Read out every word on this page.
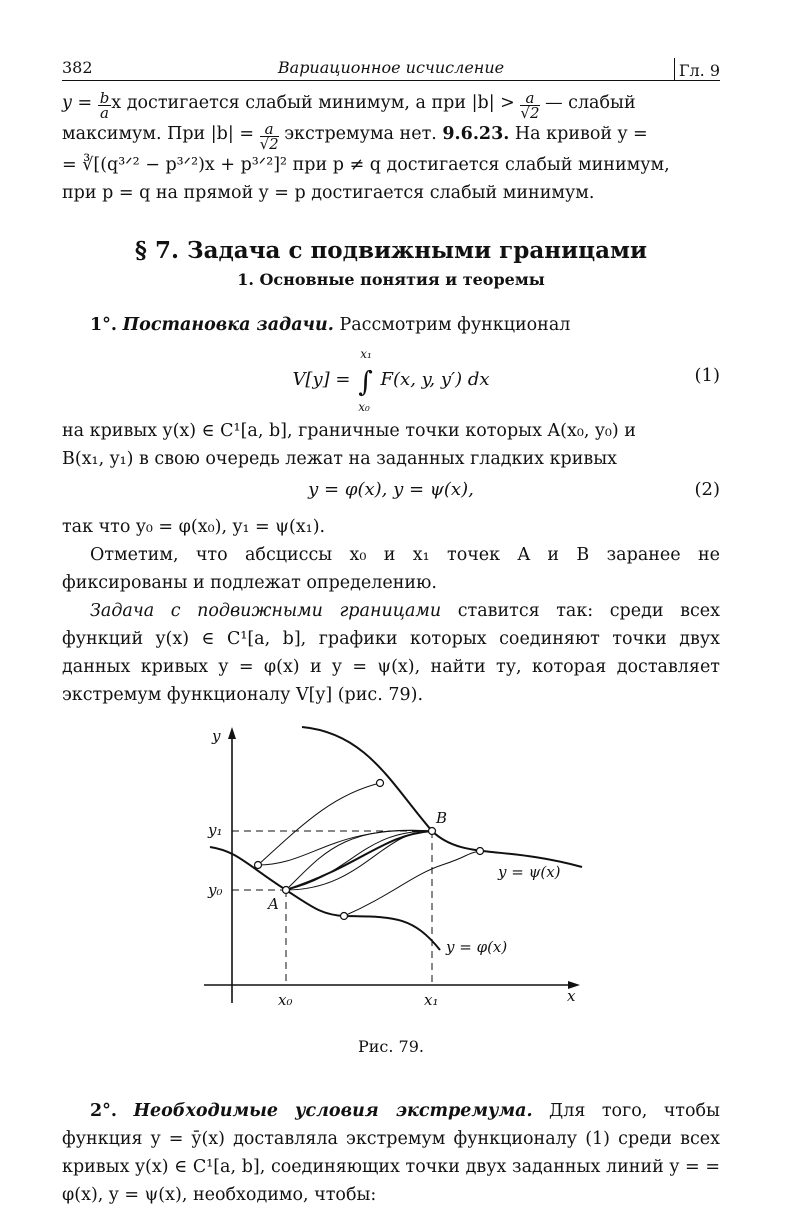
382	Вариационное исчисление	Гл. 9

$y = \frac{b}{a}$ x достигается слабый минимум, а при $|b| > \frac{a}{√2}$ — слабый
максимум. При $|b| = \frac{a}{√2}$ экстремума нет. 9.6.23. На кривой y =
= ∛[(q³ᐟ² − p³ᐟ²)x + p³ᐟ²]² при p ≠ q достигается слабый минимум,
при p = q на прямой y = p достигается слабый минимум.

§ 7. Задача с подвижными границами
1. Основные понятия и теоремы

1°. Постановка задачи. Рассмотрим функционал

V[y] = ∫
x₁
x₀
F(x, y, y′) dx	(1)

на кривых y(x) ∈ C¹[a, b], граничные точки которых A(x₀, y₀) и
B(x₁, y₁) в свою очередь лежат на заданных гладких кривых

y = φ(x), y = ψ(x),	(2)

так что y₀ = φ(x₀), y₁ = ψ(x₁).

Отметим, что абсциссы x₀ и x₁ точек A и B заранее не фиксированы и подлежат определению.

Задача с подвижными границами ставится так: среди всех функций y(x) ∈ C¹[a, b], графики которых соединяют точки двух данных кривых y = φ(x) и y = ψ(x), найти ту, которая доставляет экстремум функционалу V[y] (рис. 79).

y
x
y₁
y₀
x₀	x₁
A
B
y = ψ(x)
y = φ(x)
Рис. 79.

2°. Необходимые условия экстремума. Для того, чтобы функция y = ȳ(x) доставляла экстремум функционалу (1) среди всех кривых y(x) ∈ C¹[a, b], соединяющих точки двух заданных линий y = = φ(x), y = ψ(x), необходимо, чтобы:
